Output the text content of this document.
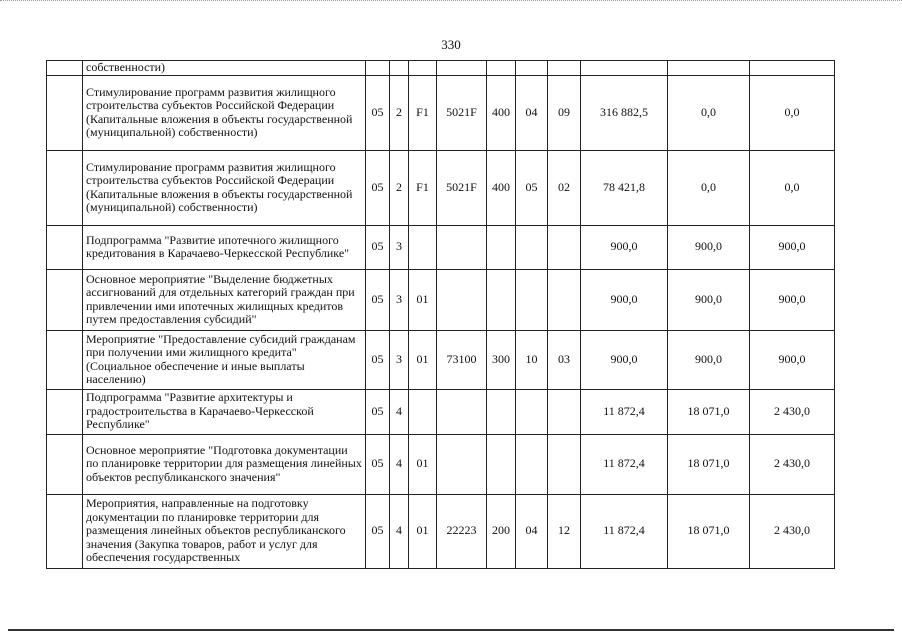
330
	собственности)										
	Стимулирование программ развития жилищного строительства субъектов Российской Федерации (Капитальные вложения в объекты государственной (муниципальной) собственности)	05	2	F1	5021F	400	04	09	316 882,5	0,0	0,0
	Стимулирование программ развития жилищного строительства субъектов Российской Федерации (Капитальные вложения в объекты государственной (муниципальной) собственности)	05	2	F1	5021F	400	05	02	78 421,8	0,0	0,0
	Подпрограмма "Развитие ипотечного жилищного кредитования в Карачаево-Черкесской Республике"	05	3						900,0	900,0	900,0
	Основное мероприятие "Выделение бюджетных ассигнований для отдельных категорий граждан при привлечении ими ипотечных жилищных кредитов путем предоставления субсидий"	05	3	01					900,0	900,0	900,0
	Мероприятие "Предоставление субсидий гражданам при получении ими жилищного кредита" (Социальное обеспечение и иные выплаты населению)	05	3	01	73100	300	10	03	900,0	900,0	900,0
	Подпрограмма "Развитие архитектуры и градостроительства в Карачаево-Черкесской Республике"	05	4						11 872,4	18 071,0	2 430,0
	Основное мероприятие "Подготовка документации по планировке территории для размещения линейных объектов республиканского значения"	05	4	01					11 872,4	18 071,0	2 430,0
	Мероприятия, направленные на подготовку документации по планировке территории для размещения линейных объектов республиканского значения (Закупка товаров, работ и услуг для обеспечения государственных	05	4	01	22223	200	04	12	11 872,4	18 071,0	2 430,0
